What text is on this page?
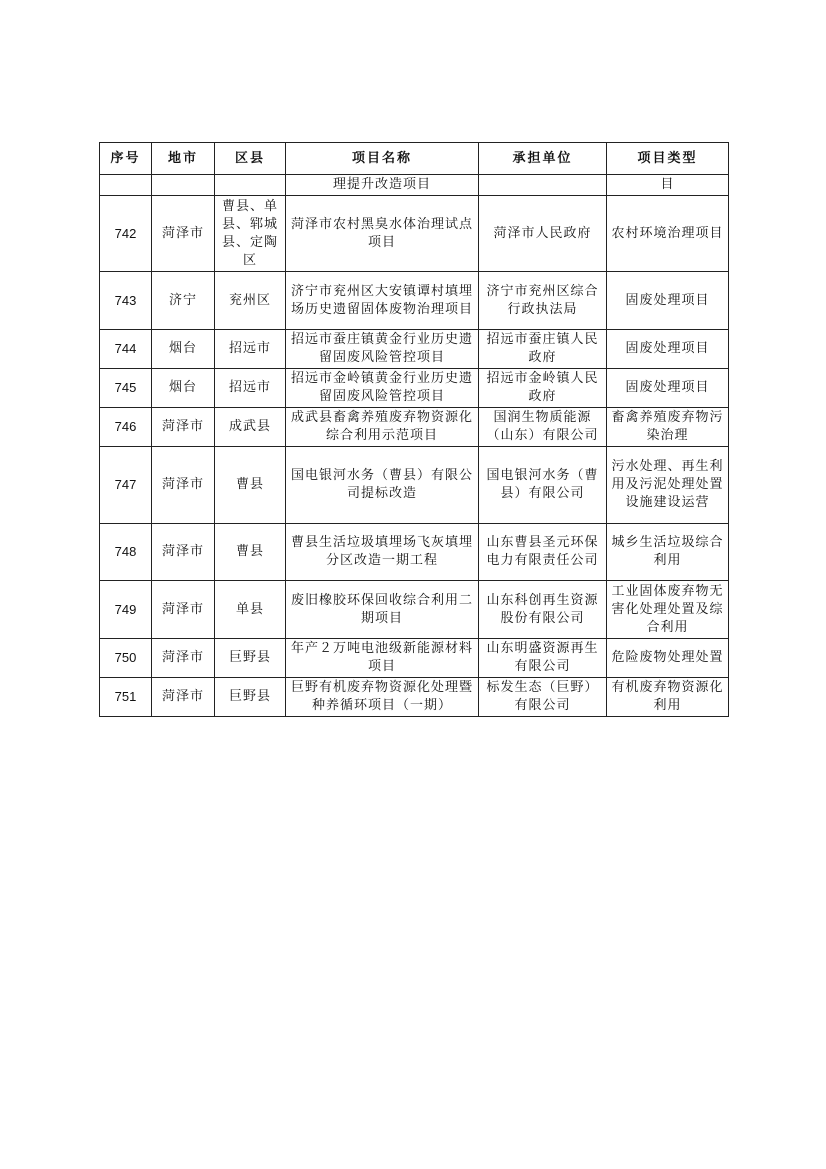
序号	地市	区县	项目名称	承担单位	项目类型
			理提升改造项目		目
742	菏泽市	曹县、单县、郓城县、定陶区	菏泽市农村黑臭水体治理试点项目	菏泽市人民政府	农村环境治理项目
743	济宁	兖州区	济宁市兖州区大安镇谭村填埋场历史遗留固体废物治理项目	济宁市兖州区综合行政执法局	固废处理项目
744	烟台	招远市	招远市蚕庄镇黄金行业历史遗留固废风险管控项目	招远市蚕庄镇人民政府	固废处理项目
745	烟台	招远市	招远市金岭镇黄金行业历史遗留固废风险管控项目	招远市金岭镇人民政府	固废处理项目
746	菏泽市	成武县	成武县畜禽养殖废弃物资源化综合利用示范项目	国润生物质能源（山东）有限公司	畜禽养殖废弃物污染治理
747	菏泽市	曹县	国电银河水务（曹县）有限公司提标改造	国电银河水务（曹县）有限公司	污水处理、再生利用及污泥处理处置设施建设运营
748	菏泽市	曹县	曹县生活垃圾填埋场飞灰填埋分区改造一期工程	山东曹县圣元环保电力有限责任公司	城乡生活垃圾综合利用
749	菏泽市	单县	废旧橡胶环保回收综合利用二期项目	山东科创再生资源股份有限公司	工业固体废弃物无害化处理处置及综合利用
750	菏泽市	巨野县	年产２万吨电池级新能源材料项目	山东明盛资源再生有限公司	危险废物处理处置
751	菏泽市	巨野县	巨野有机废弃物资源化处理暨种养循环项目（一期）	标发生态（巨野）有限公司	有机废弃物资源化利用
